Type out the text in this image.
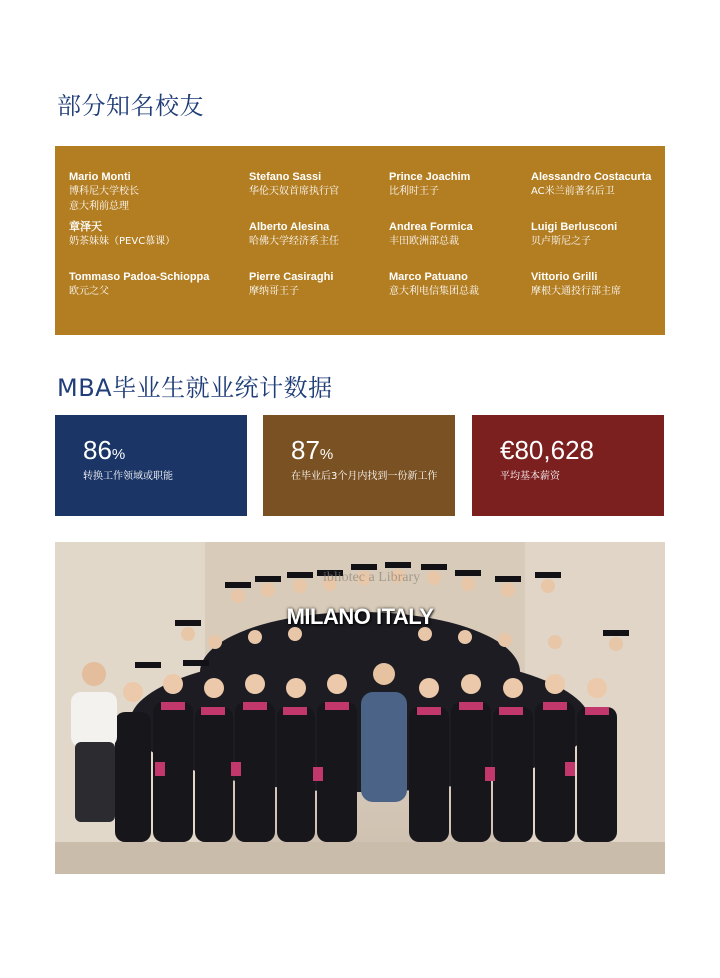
部分知名校友
Mario Monti
博科尼大学校长
意大利前总理
Stefano Sassi
华伦天奴首席执行官
Prince Joachim
比利时王子
Alessandro Costacurta
AC米兰前著名后卫
章泽天
奶茶妹妹（PEVC慕课）
Alberto Alesina
哈佛大学经济系主任
Andrea Formica
丰田欧洲部总裁
Luigi Berlusconi
贝卢斯尼之子
Tommaso Padoa-Schioppa
欧元之父
Pierre Casiraghi
摩纳哥王子
Marco Patuano
意大利电信集团总裁
Vittorio Grilli
摩根大通投行部主席
MBA毕业生就业统计数据
86%
转换工作领域或职能
87%
在毕业后3个月内找到一份新工作
€80,628
平均基本薪资
ibliotec a Library
MILANO ITALY
